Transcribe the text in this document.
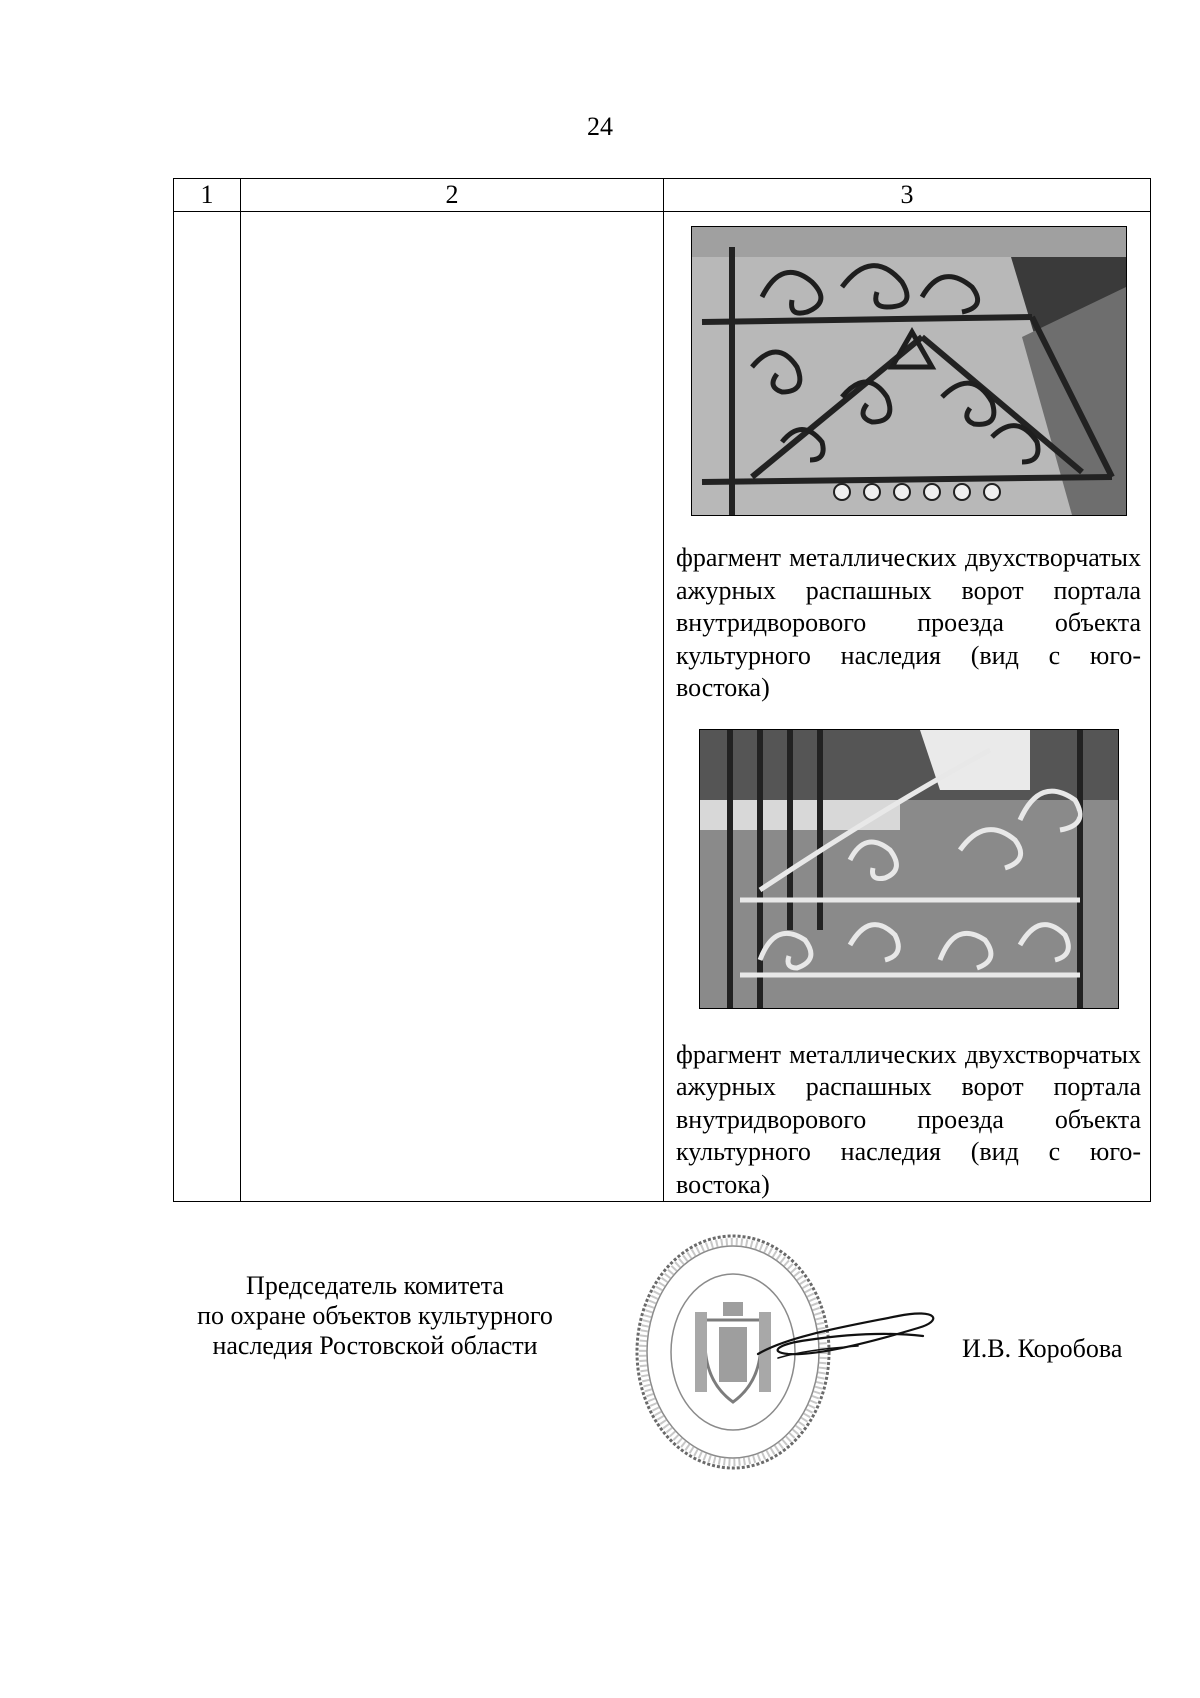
24
1	2	3

		фрагмент металлических двухстворчатых ажурных распашных ворот портала внутридворового проезда объекта культурного наследия (вид с юго-востока)
фрагмент металлических двухстворчатых ажурных распашных ворот портала внутридворового проезда объекта культурного наследия (вид с юго-востока)
Председатель комитета
по охране объектов культурного
наследия Ростовской области	И.В. Коробова
